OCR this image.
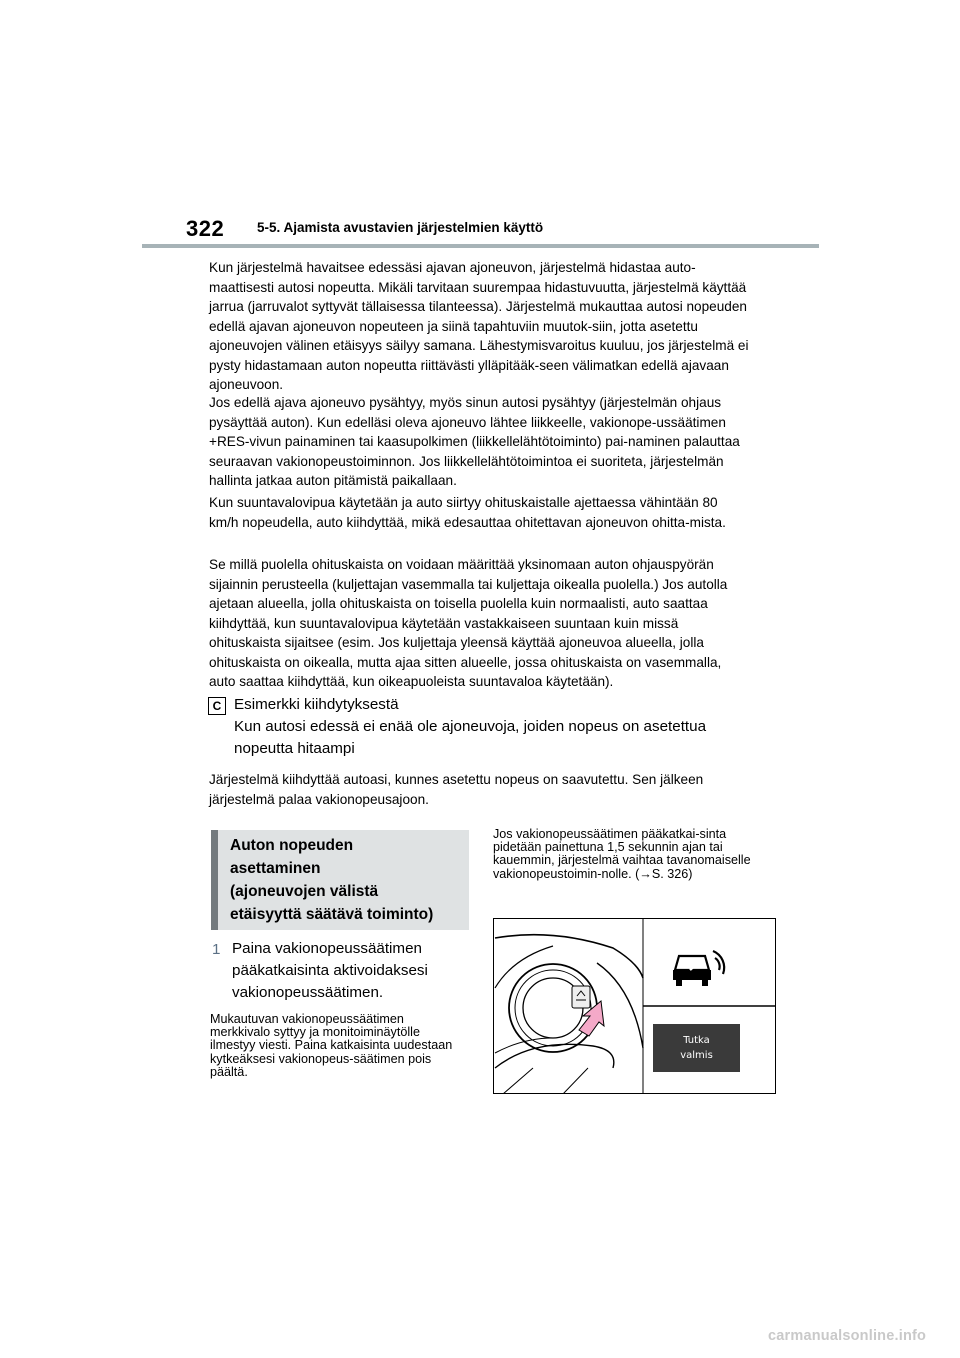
322 5-5. Ajamista avustavien järjestelmien käyttö

Kun järjestelmä havaitsee edessäsi ajavan ajoneuvon, järjestelmä hidastaa auto-maattisesti autosi nopeutta. Mikäli tarvitaan suurempaa hidastuvuutta, järjestelmä käyttää jarrua (jarruvalot syttyvät tällaisessa tilanteessa). Järjestelmä mukauttaa autosi nopeuden edellä ajavan ajoneuvon nopeuteen ja siinä tapahtuviin muutok-siin, jotta asetettu ajoneuvojen välinen etäisyys säilyy samana. Lähestymisvaroitus kuuluu, jos järjestelmä ei pysty hidastamaan auton nopeutta riittävästi ylläpitääk-seen välimatkan edellä ajavaan ajoneuvoon.

Jos edellä ajava ajoneuvo pysähtyy, myös sinun autosi pysähtyy (järjestelmän ohjaus pysäyttää auton). Kun edelläsi oleva ajoneuvo lähtee liikkeelle, vakionope-ussäätimen +RES-vivun painaminen tai kaasupolkimen (liikkellelähtötoiminto) pai-naminen palauttaa seuraavan vakionopeustoiminnon. Jos liikkellelähtötoimintoa ei suoriteta, järjestelmän hallinta jatkaa auton pitämistä paikallaan.

Kun suuntavalovipua käytetään ja auto siirtyy ohituskaistalle ajettaessa vähintään 80 km/h nopeudella, auto kiihdyttää, mikä edesauttaa ohitettavan ajoneuvon ohitta-mista.

Se millä puolella ohituskaista on voidaan määrittää yksinomaan auton ohjauspyörän sijainnin perusteella (kuljettajan vasemmalla tai kuljettaja oikealla puolella.) Jos autolla ajetaan alueella, jolla ohituskaista on toisella puolella kuin normaalisti, auto saattaa kiihdyttää, kun suuntavalovipua käytetään vastakkaiseen suuntaan kuin missä ohituskaista sijaitsee (esim. Jos kuljettaja yleensä käyttää ajoneuvoa alueella, jolla ohituskaista on oikealla, mutta ajaa sitten alueelle, jossa ohituskaista on vasemmalla, auto saattaa kiihdyttää, kun oikeapuoleista suuntavaloa käytetään).

C Esimerkki kiihdytyksestä
Kun autosi edessä ei enää ole ajoneuvoja, joiden nopeus on asetettua
nopeutta hitaampi

Järjestelmä kiihdyttää autoasi, kunnes asetettu nopeus on saavutettu. Sen jälkeen järjestelmä palaa vakionopeusajoon.

Auton nopeuden
asettaminen
(ajoneuvojen välistä
etäisyyttä säätävä toiminto)
1 Paina vakionopeussäätimen
pääkatkaisinta aktivoidaksesi
vakionopeussäätimen.

Mukautuvan vakionopeussäätimen merkkivalo syttyy ja monitoiminäytölle ilmestyy viesti. Paina katkaisinta uudestaan kytkeäksesi vakionopeus-säätimen pois päältä.

Jos vakionopeussäätimen pääkatkai-sinta pidetään painettuna 1,5 sekunnin ajan tai kauemmin, järjestelmä vaihtaa tavanomaiselle vakionopeustoimin-nolle. (→S. 326)

Tutka
valmis
carmanualsonline.info
